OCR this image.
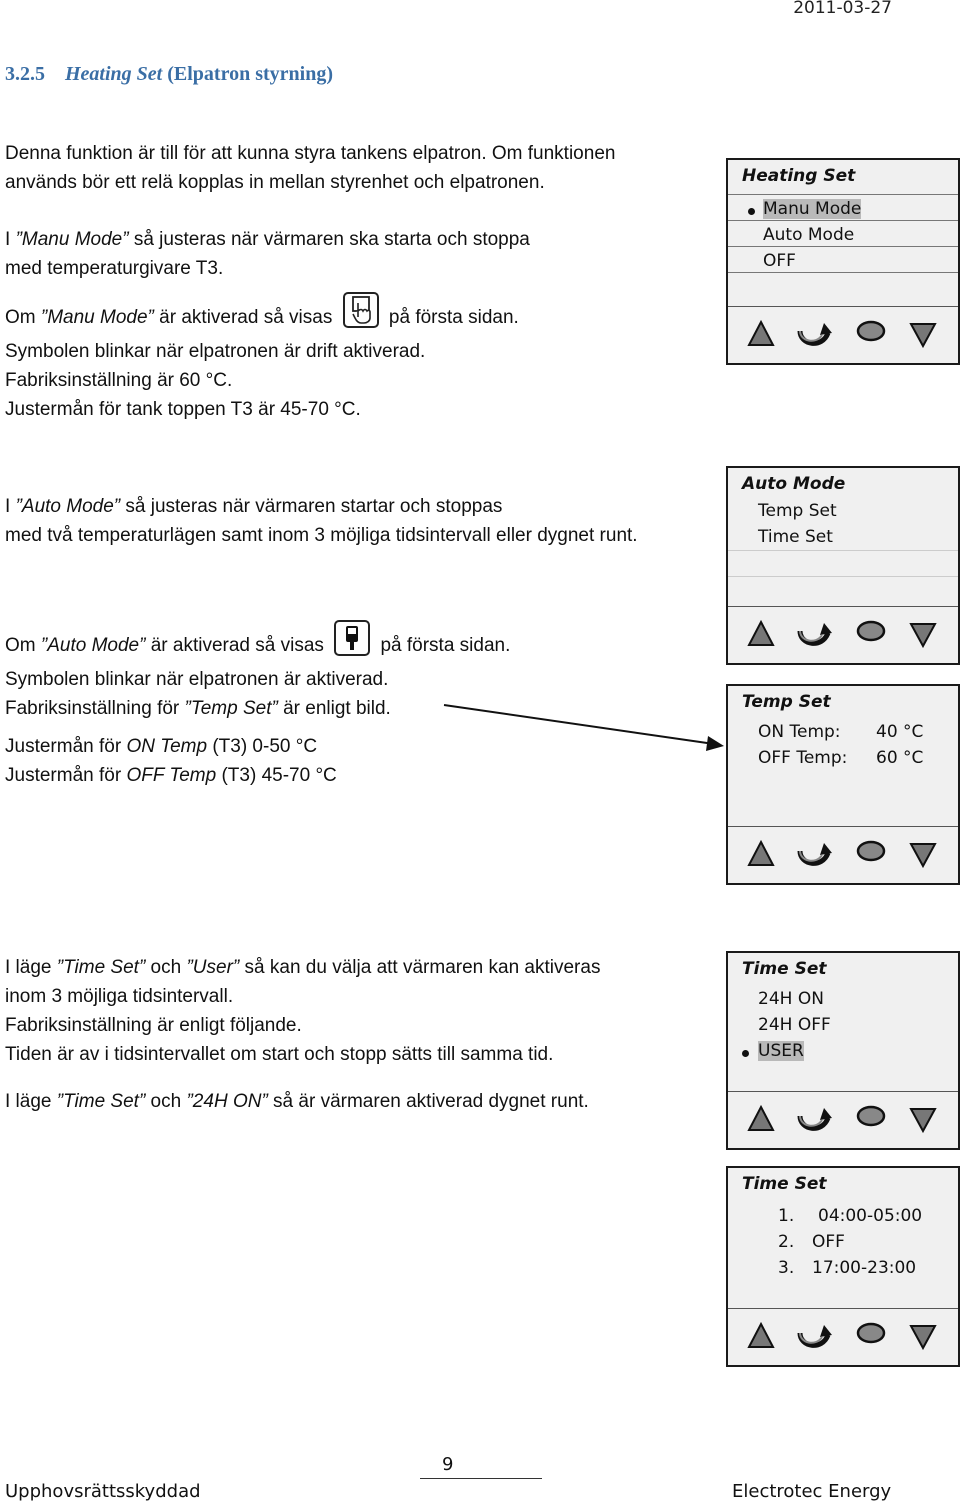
2011-03-27
3.2.5 Heating Set (Elpatron styrning)
Denna funktion är till för att kunna styra tankens elpatron. Om funktionen
används bör ett relä kopplas in mellan styrenhet och elpatronen.
I ”Manu Mode” så justeras när värmaren ska starta och stoppa
med temperaturgivare T3.
Om ”Manu Mode” är aktiverad så visas  på första sidan.
Symbolen blinkar när elpatronen är drift aktiverad.
Fabriksinställning är 60 °C.
Justermån för tank toppen T3 är 45-70 °C.
I ”Auto Mode” så justeras när värmaren startar och stoppas
med två temperaturlägen samt inom 3 möjliga tidsintervall eller dygnet runt.
Om ”Auto Mode” är aktiverad så visas  på första sidan.
Symbolen blinkar när elpatronen är aktiverad.
Fabriksinställning för ”Temp Set” är enligt bild.
Justermån för ON Temp (T3) 0-50 °C
Justermån för OFF Temp (T3) 45-70 °C
I läge ”Time Set” och ”User” så kan du välja att värmaren kan aktiveras
inom 3 möjliga tidsintervall.
Fabriksinställning är enligt följande.
Tiden är av i tidsintervallet om start och stopp sätts till samma tid.
I läge ”Time Set” och ”24H ON” så är värmaren aktiverad dygnet runt.
Heating Set
Manu Mode
Auto Mode
OFF
Auto Mode
Temp Set
Time Set
Temp Set
ON Temp: 40 °C
OFF Temp: 60 °C
Time Set
24H ON
24H OFF
USER
Time Set
1. 04:00-05:00
2. OFF
3. 17:00-23:00
9
Upphovsrättsskyddad	Electrotec Energy
